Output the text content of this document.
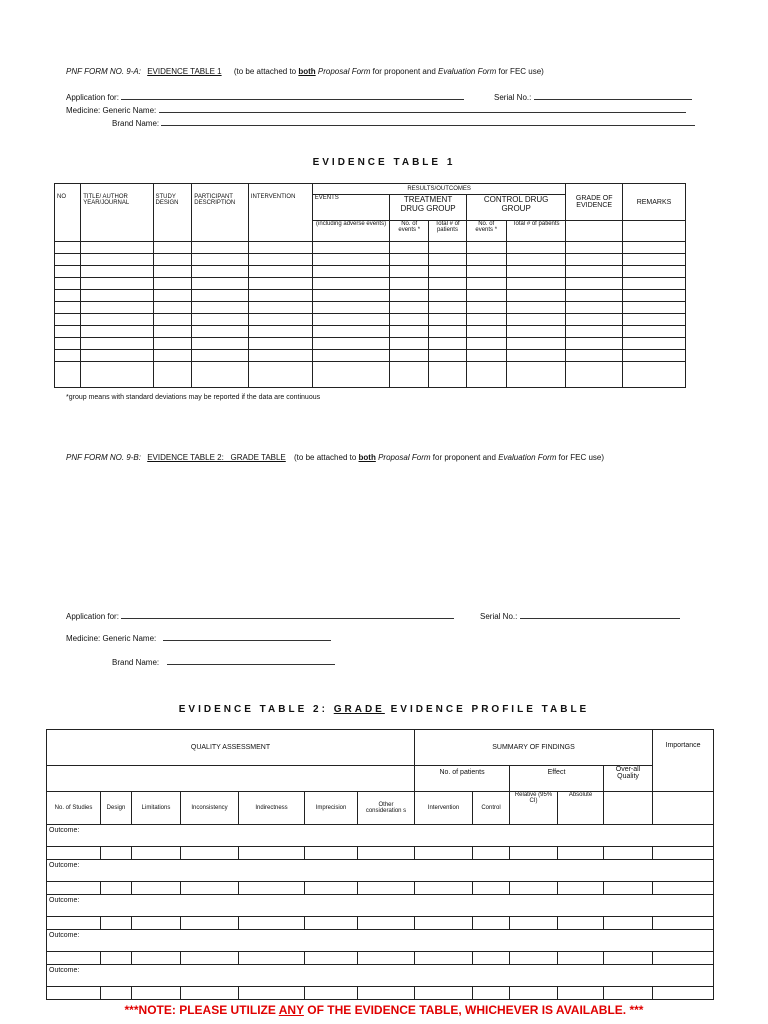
PNF FORM NO. 9-A: EVIDENCE TABLE 1 (to be attached to both Proposal Form for proponent and Evaluation Form for FEC use)
Application for:	Serial No.:
Medicine: Generic Name:
Brand Name:
EVIDENCE TABLE 1
NO	TITLE/ AUTHOR YEAR/JOURNAL	STUDY DESIGN	PARTICIPANT DESCRIPTION	INTERVENTION	RESULTS/OUTCOMES					GRADE OF EVIDENCE	REMARKS
					EVENTS	TREATMENT DRUG GROUP		CONTROL DRUG GROUP			
					(including adverse events)	No. of events *	Total # of patients	No. of events *	Total # of patients		

*group means with standard deviations may be reported if the data are continuous
PNF FORM NO. 9-B: EVIDENCE TABLE 2:   GRADE TABLE (to be attached to both Proposal Form for proponent and Evaluation Form for FEC use)
Application for:	Serial No.:
Medicine: Generic Name:
Brand Name:
EVIDENCE TABLE 2: GRADE EVIDENCE PROFILE TABLE
QUALITY ASSESSMENT							SUMMARY OF FINDINGS					Importance
							No. of patients		Effect		Over-all Quality	
No. of Studies	Design	Limitations	Inconsistency	Indirectness	Imprecision	Other consideration s	Intervention	Control	Relative (95% CI)	Absolute		
Outcome:												

Outcome:												

Outcome:												

Outcome:												

Outcome:												

***NOTE: PLEASE UTILIZE ANY OF THE EVIDENCE TABLE, WHICHEVER IS AVAILABLE. ***
